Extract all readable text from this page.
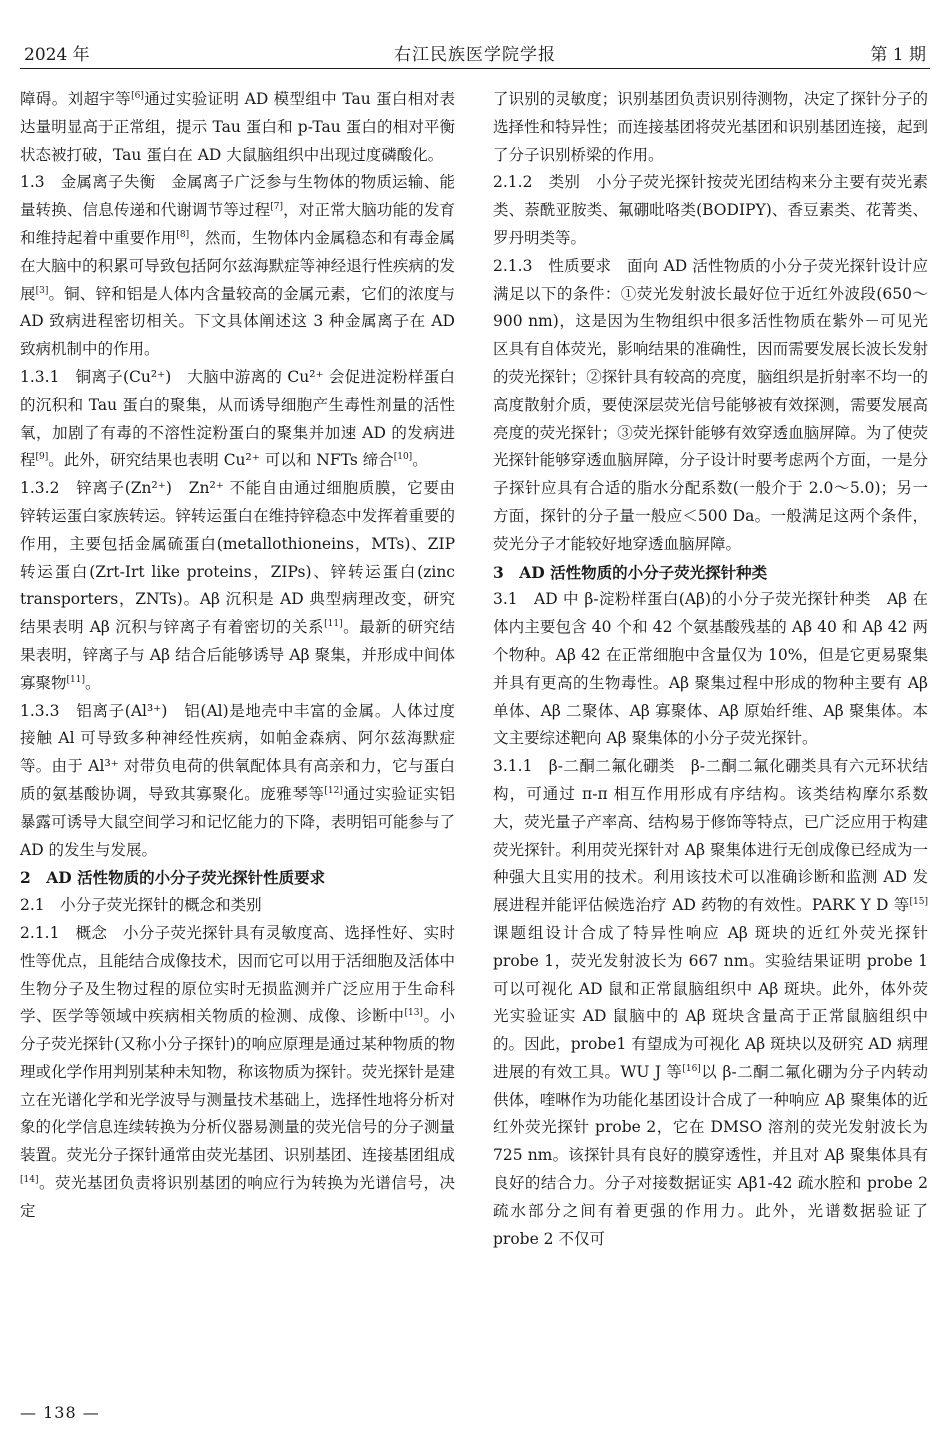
2024 年	右江民族医学院学报	第 1 期

障碍。刘超宇等[6]通过实验证明 AD 模型组中 Tau 蛋白相对表达量明显高于正常组，提示 Tau 蛋白和 p-Tau 蛋白的相对平衡状态被打破，Tau 蛋白在 AD 大鼠脑组织中出现过度磷酸化。

1.3　金属离子失衡　金属离子广泛参与生物体的物质运输、能量转换、信息传递和代谢调节等过程[7]，对正常大脑功能的发育和维持起着中重要作用[8]，然而，生物体内金属稳态和有毒金属在大脑中的积累可导致包括阿尔兹海默症等神经退行性疾病的发展[3]。铜、锌和铝是人体内含量较高的金属元素，它们的浓度与 AD 致病进程密切相关。下文具体阐述这 3 种金属离子在 AD 致病机制中的作用。

1.3.1　铜离子(Cu²⁺)　大脑中游离的 Cu²⁺ 会促进淀粉样蛋白的沉积和 Tau 蛋白的聚集，从而诱导细胞产生毒性剂量的活性氧，加剧了有毒的不溶性淀粉蛋白的聚集并加速 AD 的发病进程[9]。此外，研究结果也表明 Cu²⁺ 可以和 NFTs 缔合[10]。

1.3.2　锌离子(Zn²⁺)　Zn²⁺ 不能自由通过细胞质膜，它要由锌转运蛋白家族转运。锌转运蛋白在维持锌稳态中发挥着重要的作用，主要包括金属硫蛋白(metallothioneins，MTs)、ZIP 转运蛋白(Zrt-Irt like proteins，ZIPs)、锌转运蛋白(zinc transporters，ZNTs)。Aβ 沉积是 AD 典型病理改变，研究结果表明 Aβ 沉积与锌离子有着密切的关系[11]。最新的研究结果表明，锌离子与 Aβ 结合后能够诱导 Aβ 聚集，并形成中间体寡聚物[11]。

1.3.3　铝离子(Al³⁺)　铝(Al)是地壳中丰富的金属。人体过度接触 Al 可导致多种神经性疾病，如帕金森病、阿尔兹海默症等。由于 Al³⁺ 对带负电荷的供氧配体具有高亲和力，它与蛋白质的氨基酸协调，导致其寡聚化。庞雅琴等[12]通过实验证实铝暴露可诱导大鼠空间学习和记忆能力的下降，表明铝可能参与了 AD 的发生与发展。

2　AD 活性物质的小分子荧光探针性质要求

2.1　小分子荧光探针的概念和类别

2.1.1　概念　小分子荧光探针具有灵敏度高、选择性好、实时性等优点，且能结合成像技术，因而它可以用于活细胞及活体中生物分子及生物过程的原位实时无损监测并广泛应用于生命科学、医学等领域中疾病相关物质的检测、成像、诊断中[13]。小分子荧光探针(又称小分子探针)的响应原理是通过某种物质的物理或化学作用判别某种未知物，称该物质为探针。荧光探针是建立在光谱化学和光学波导与测量技术基础上，选择性地将分析对象的化学信息连续转换为分析仪器易测量的荧光信号的分子测量装置。荧光分子探针通常由荧光基团、识别基团、连接基团组成[14]。荧光基团负责将识别基团的响应行为转换为光谱信号，决定

了识别的灵敏度；识别基团负责识别待测物，决定了探针分子的选择性和特异性；而连接基团将荧光基团和识别基团连接，起到了分子识别桥梁的作用。

2.1.2　类别　小分子荧光探针按荧光团结构来分主要有荧光素类、萘酰亚胺类、氟硼吡咯类(BODIPY)、香豆素类、花菁类、罗丹明类等。

2.1.3　性质要求　面向 AD 活性物质的小分子荧光探针设计应满足以下的条件：①荧光发射波长最好位于近红外波段(650～900 nm)，这是因为生物组织中很多活性物质在紫外－可见光区具有自体荧光，影响结果的准确性，因而需要发展长波长发射的荧光探针；②探针具有较高的亮度，脑组织是折射率不均一的高度散射介质，要使深层荧光信号能够被有效探测，需要发展高亮度的荧光探针；③荧光探针能够有效穿透血脑屏障。为了使荧光探针能够穿透血脑屏障，分子设计时要考虑两个方面，一是分子探针应具有合适的脂水分配系数(一般介于 2.0～5.0)；另一方面，探针的分子量一般应＜500 Da。一般满足这两个条件，荧光分子才能较好地穿透血脑屏障。

3　AD 活性物质的小分子荧光探针种类

3.1　AD 中 β-淀粉样蛋白(Aβ)的小分子荧光探针种类　Aβ 在体内主要包含 40 个和 42 个氨基酸残基的 Aβ 40 和 Aβ 42 两个物种。Aβ 42 在正常细胞中含量仅为 10%，但是它更易聚集并具有更高的生物毒性。Aβ 聚集过程中形成的物种主要有 Aβ 单体、Aβ 二聚体、Aβ 寡聚体、Aβ 原始纤维、Aβ 聚集体。本文主要综述靶向 Aβ 聚集体的小分子荧光探针。

3.1.1　β-二酮二氟化硼类　β-二酮二氟化硼类具有六元环状结构，可通过 π-π 相互作用形成有序结构。该类结构摩尔系数大，荧光量子产率高、结构易于修饰等特点，已广泛应用于构建荧光探针。利用荧光探针对 Aβ 聚集体进行无创成像已经成为一种强大且实用的技术。利用该技术可以准确诊断和监测 AD 发展进程并能评估候选治疗 AD 药物的有效性。PARK Y D 等[15]课题组设计合成了特异性响应 Aβ 斑块的近红外荧光探针 probe 1，荧光发射波长为 667 nm。实验结果证明 probe 1 可以可视化 AD 鼠和正常鼠脑组织中 Aβ 斑块。此外，体外荧光实验证实 AD 鼠脑中的 Aβ 斑块含量高于正常鼠脑组织中的。因此，probe1 有望成为可视化 Aβ 斑块以及研究 AD 病理进展的有效工具。WU J 等[16]以 β-二酮二氟化硼为分子内转动供体，喹啉作为功能化基团设计合成了一种响应 Aβ 聚集体的近红外荧光探针 probe 2，它在 DMSO 溶剂的荧光发射波长为 725 nm。该探针具有良好的膜穿透性，并且对 Aβ 聚集体具有良好的结合力。分子对接数据证实 Aβ1-42 疏水腔和 probe 2 疏水部分之间有着更强的作用力。此外，光谱数据验证了 probe 2 不仅可

— 138 —
